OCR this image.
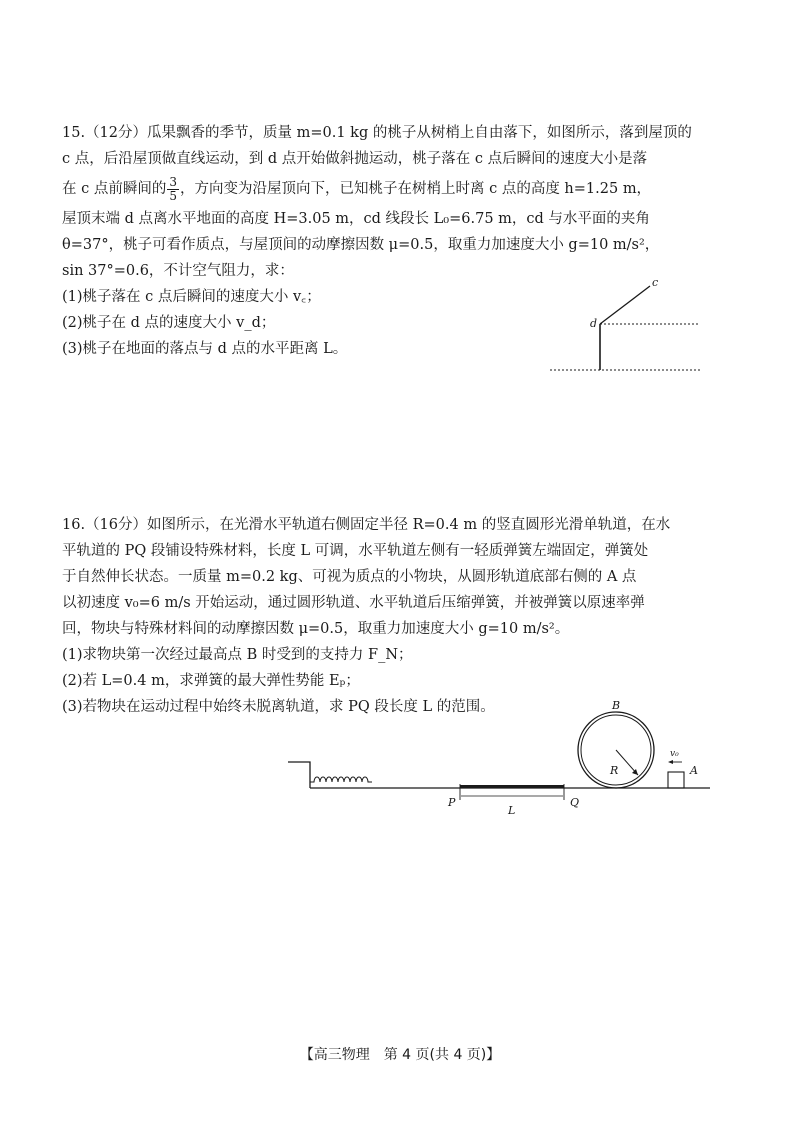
15.（12分）瓜果飘香的季节，质量 m=0.1 kg 的桃子从树梢上自由落下，如图所示，落到屋顶的
c 点，后沿屋顶做直线运动，到 d 点开始做斜抛运动，桃子落在 c 点后瞬间的速度大小是落
在 c 点前瞬间的 $\frac{3}{5}$ ，方向变为沿屋顶向下，已知桃子在树梢上时离 c 点的高度 h=1.25 m，
屋顶末端 d 点离水平地面的高度 H=3.05 m，cd 线段长 L₀=6.75 m，cd 与水平面的夹角
θ=37°，桃子可看作质点，与屋顶间的动摩擦因数 μ=0.5，取重力加速度大小 g=10 m/s²，
sin 37°=0.6，不计空气阻力，求：
(1)桃子落在 c 点后瞬间的速度大小 v꜀；
(2)桃子在 d 点的速度大小 v_d；
(3)桃子在地面的落点与 d 点的水平距离 L。
c
d
16.（16分）如图所示，在光滑水平轨道右侧固定半径 R=0.4 m 的竖直圆形光滑单轨道，在水
平轨道的 PQ 段铺设特殊材料，长度 L 可调，水平轨道左侧有一轻质弹簧左端固定，弹簧处
于自然伸长状态。一质量 m=0.2 kg、可视为质点的小物块，从圆形轨道底部右侧的 A 点
以初速度 v₀=6 m/s 开始运动，通过圆形轨道、水平轨道后压缩弹簧，并被弹簧以原速率弹
回，物块与特殊材料间的动摩擦因数 μ=0.5，取重力加速度大小 g=10 m/s²。
(1)求物块第一次经过最高点 B 时受到的支持力 F_N；
(2)若 L=0.4 m，求弹簧的最大弹性势能 Eₚ；
(3)若物块在运动过程中始终未脱离轨道，求 PQ 段长度 L 的范围。
P
L
Q
B
R
v₀
A
【高三物理　第 4 页(共 4 页)】
